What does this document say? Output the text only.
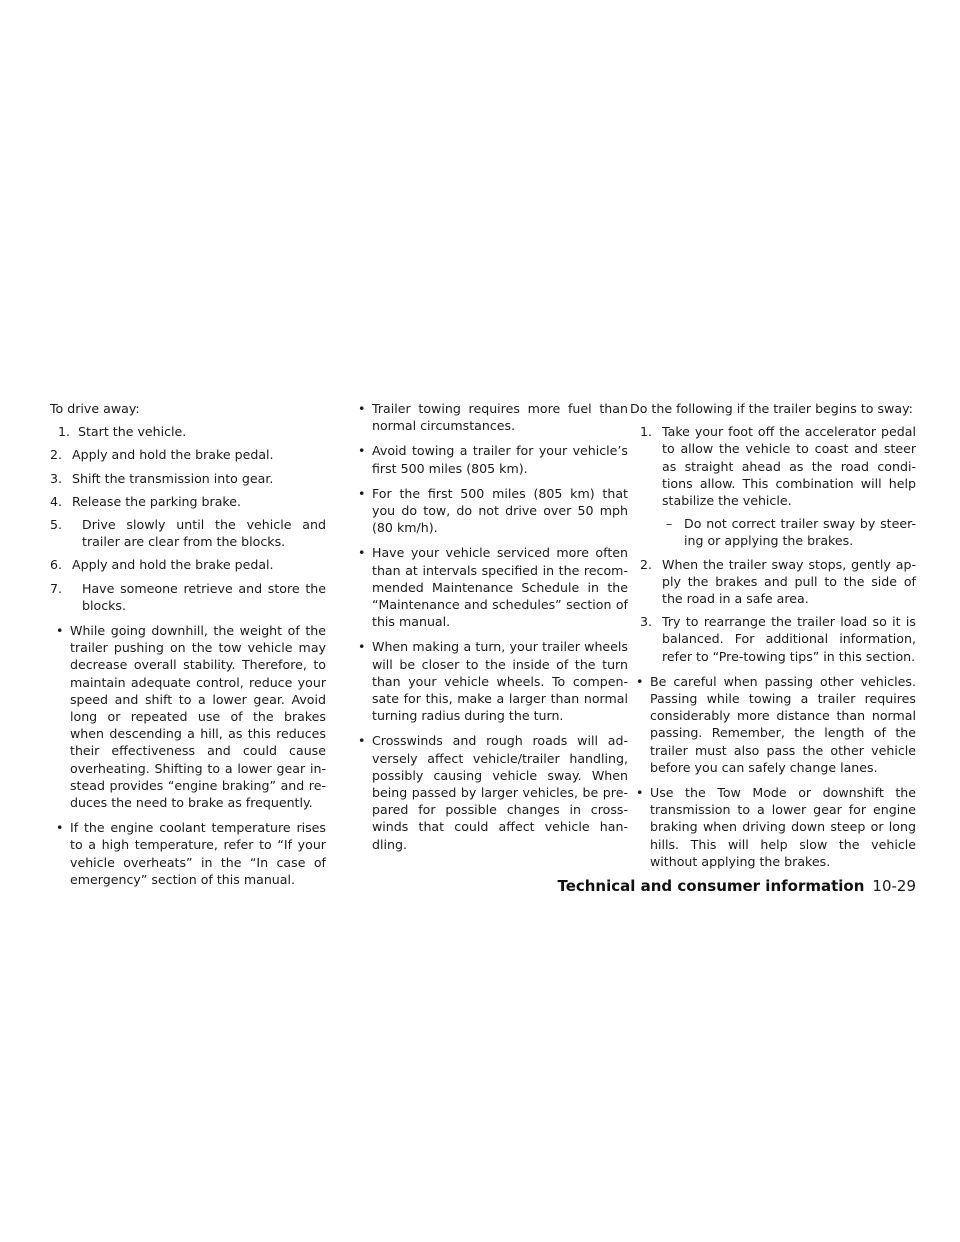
To drive away:

1. Start the vehicle.
2. Apply and hold the brake pedal.
3. Shift the transmission into gear.
4. Release the parking brake.
5. Drive slowly until the vehicle and trailer are clear from the blocks.
6. Apply and hold the brake pedal.
7. Have someone retrieve and store the blocks.
• While going downhill, the weight of the trailer pushing on the tow vehicle may decrease overall stability. Therefore, to maintain adequate control, reduce your speed and shift to a lower gear. Avoid long or repeated use of the brakes when descending a hill, as this reduces their effectiveness and could cause overheating. Shifting to a lower gear in-stead provides “engine braking” and re-duces the need to brake as frequently.
• If the engine coolant temperature rises to a high temperature, refer to “If your vehicle overheats” in the “In case of emergency” section of this manual.
• Trailer towing requires more fuel than normal circumstances.
• Avoid towing a trailer for your vehicle’s first 500 miles (805 km).
• For the first 500 miles (805 km) that you do tow, do not drive over 50 mph (80 km/h).
• Have your vehicle serviced more often than at intervals specified in the recom-mended Maintenance Schedule in the “Maintenance and schedules” section of this manual.
• When making a turn, your trailer wheels will be closer to the inside of the turn than your vehicle wheels. To compen-sate for this, make a larger than normal turning radius during the turn.
• Crosswinds and rough roads will ad-versely affect vehicle/trailer handling, possibly causing vehicle sway. When being passed by larger vehicles, be pre-pared for possible changes in cross-winds that could affect vehicle han-dling.

Do the following if the trailer begins to sway:

1. Take your foot off the accelerator pedal to allow the vehicle to coast and steer as straight ahead as the road condi-tions allow. This combination will help stabilize the vehicle.
– Do not correct trailer sway by steer-ing or applying the brakes.
2. When the trailer sway stops, gently ap-ply the brakes and pull to the side of the road in a safe area.
3. Try to rearrange the trailer load so it is balanced. For additional information, refer to “Pre-towing tips” in this section.
• Be careful when passing other vehicles. Passing while towing a trailer requires considerably more distance than normal passing. Remember, the length of the trailer must also pass the other vehicle before you can safely change lanes.
• Use the Tow Mode or downshift the transmission to a lower gear for engine braking when driving down steep or long hills. This will help slow the vehicle without applying the brakes.
Technical and consumer information 10-29
